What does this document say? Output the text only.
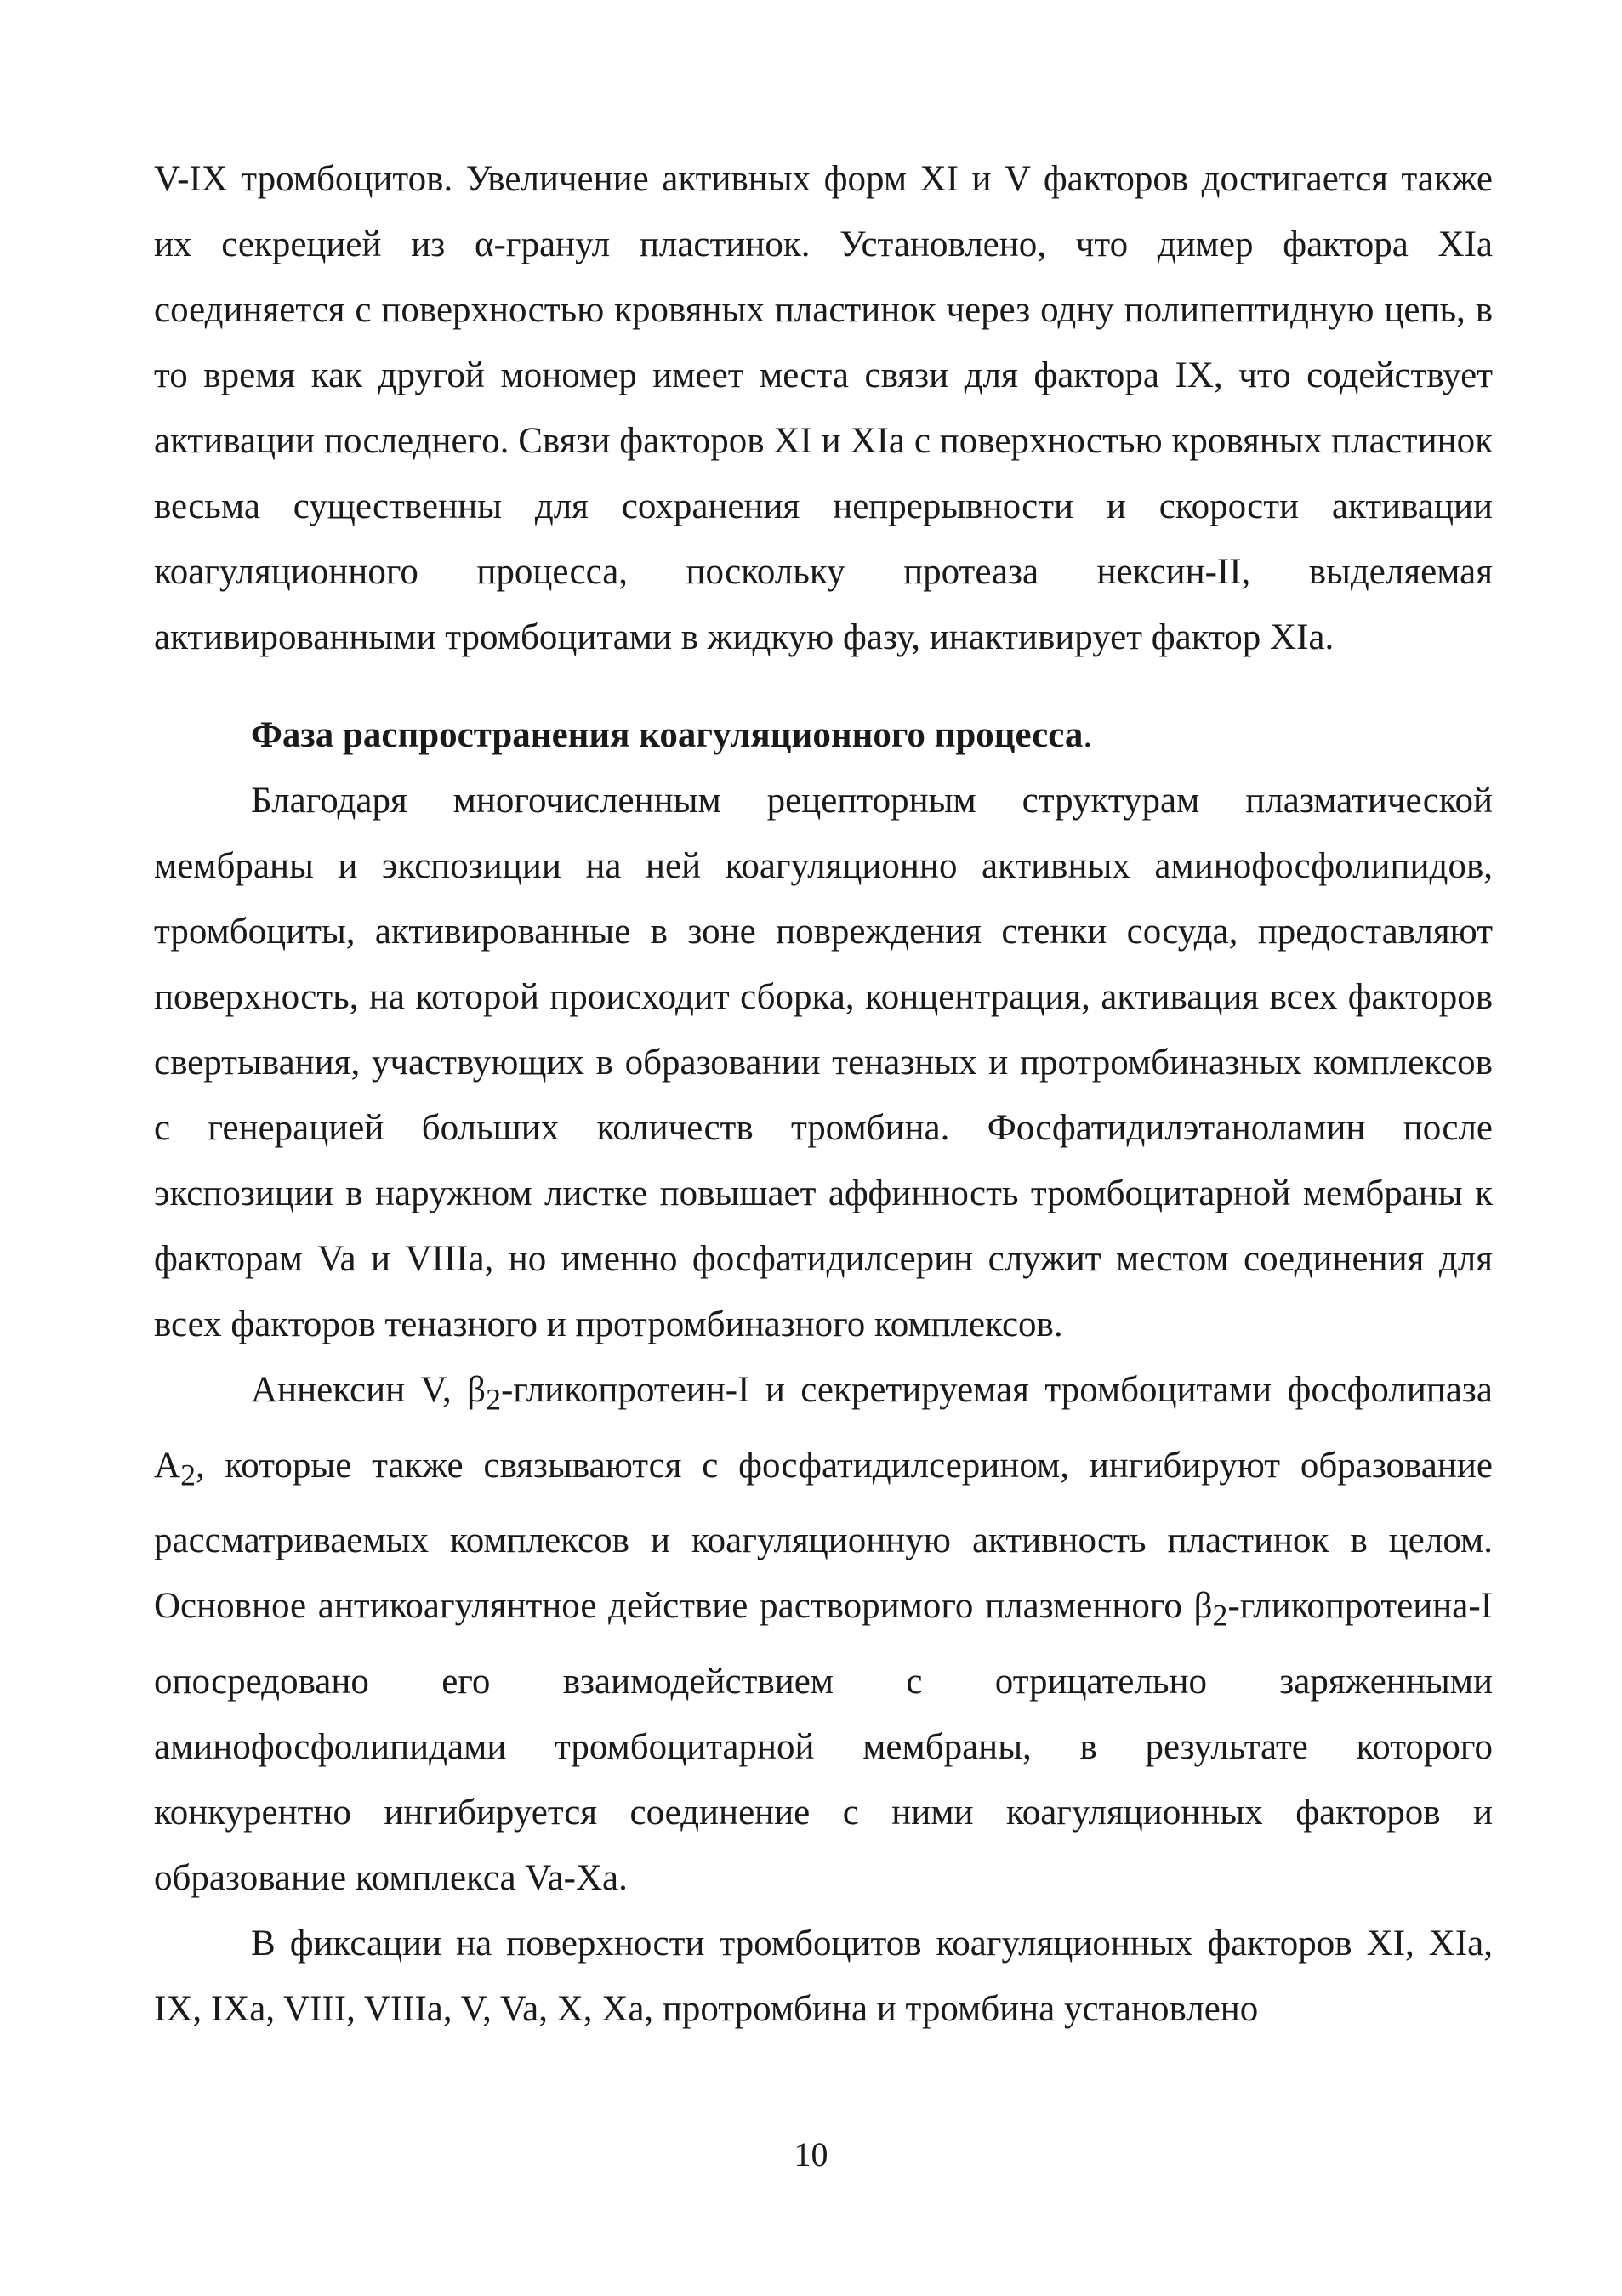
V-IX тромбоцитов. Увеличение активных форм XI и V факторов достигается также их секрецией из α-гранул пластинок. Установлено, что димер фактора XIa соединяется с поверхностью кровяных пластинок через одну полипептидную цепь, в то время как другой мономер имеет места связи для фактора IX, что содействует активации последнего. Связи факторов XI и XIa с поверхностью кровяных пластинок весьма существенны для сохранения непрерывности и скорости активации коагуляционного процесса, поскольку протеаза нексин-II, выделяемая активированными тромбоцитами в жидкую фазу, инактивирует фактор XIa.

Фаза распространения коагуляционного процесса.

Благодаря многочисленным рецепторным структурам плазматической мембраны и экспозиции на ней коагуляционно активных аминофосфолипидов, тромбоциты, активированные в зоне повреждения стенки сосуда, предоставляют поверхность, на которой происходит сборка, концентрация, активация всех факторов свертывания, участвующих в образовании теназных и протромбиназных комплексов с генерацией больших количеств тромбина. Фосфатидилэтаноламин после экспозиции в наружном листке повышает аффинность тромбоцитарной мембраны к факторам Va и VIIIa, но именно фосфатидилсерин служит местом соединения для всех факторов теназного и протромбиназного комплексов.

Аннексин V, $\beta_2-гликопротеин-I$ и секретируемая тромбоцитами фосфолипаза $A_2$, которые также связываются с фосфатидилсерином, ингибируют образование рассматриваемых комплексов и коагуляционную активность пластинок в целом. Основное антикоагулянтное действие растворимого плазменного $\beta_2-гликопротеина-I$ опосредовано его взаимодействием с отрицательно заряженными аминофосфолипидами тромбоцитарной мембраны, в результате которого конкурентно ингибируется соединение с ними коагуляционных факторов и образование комплекса Va-Xa.

В фиксации на поверхности тромбоцитов коагуляционных факторов XI, XIa, IX, IXa, VIII, VIIIa, V, Va, X, Xa, протромбина и тромбина установлено

10
